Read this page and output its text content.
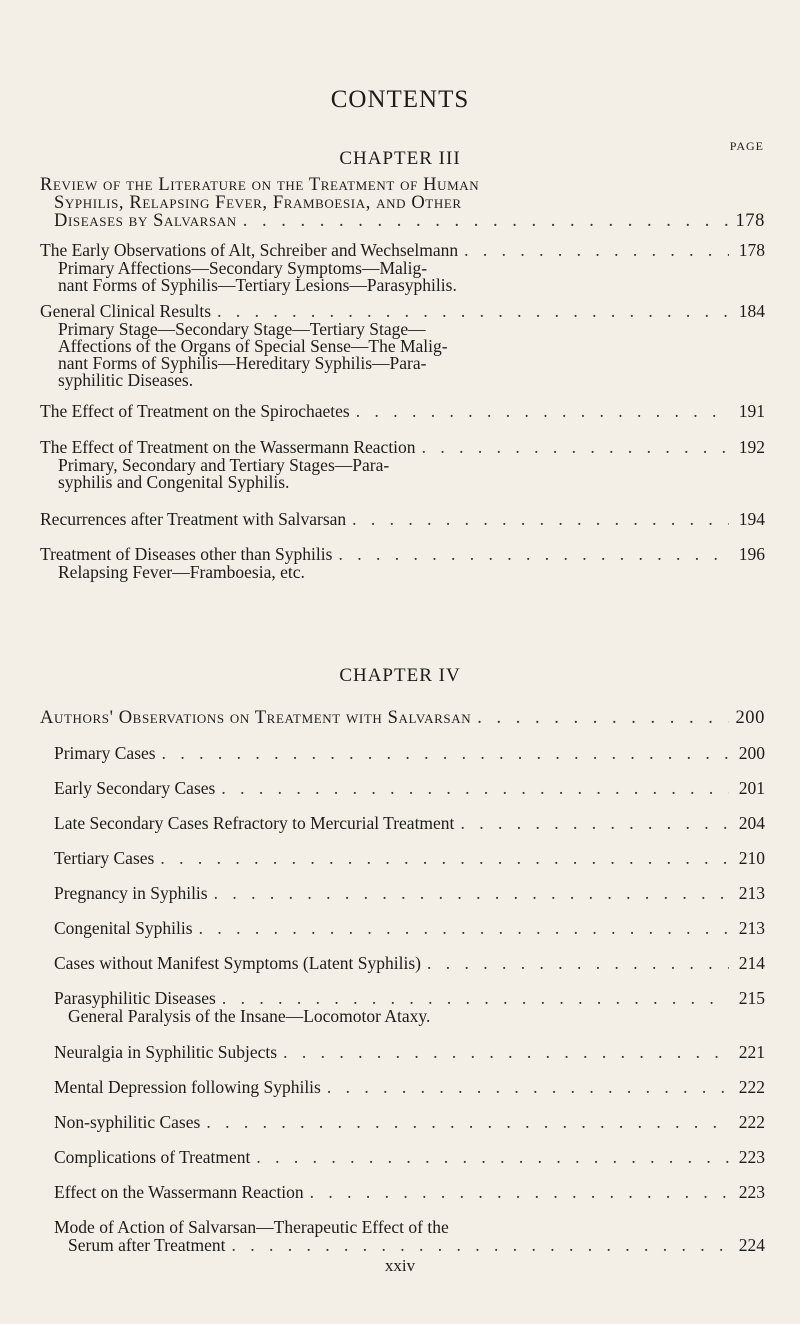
CONTENTS
PAGE
CHAPTER III
Review of the Literature on the Treatment of Human
Syphilis, Relapsing Fever, Framboesia, and Other
Diseases by Salvarsan . . .	178
The Early Observations of Alt, Schreiber and Wechselmann . . .	178
Primary Affections—Secondary Symptoms—Malig-
nant Forms of Syphilis—Tertiary Lesions—Parasyphilis.
General Clinical Results . . .	184
Primary Stage—Secondary Stage—Tertiary Stage—
Affections of the Organs of Special Sense—The Malig-
nant Forms of Syphilis—Hereditary Syphilis—Para-
syphilitic Diseases.
The Effect of Treatment on the Spirochaetes . . .	191
The Effect of Treatment on the Wassermann Reaction . . .	192
Primary, Secondary and Tertiary Stages—Para-
syphilis and Congenital Syphilis.
Recurrences after Treatment with Salvarsan . . .	194
Treatment of Diseases other than Syphilis . . .	196
Relapsing Fever—Framboesia, etc.
CHAPTER IV
Authors' Observations on Treatment with Salvarsan . . .	200
Primary Cases . . .	200
Early Secondary Cases . . .	201
Late Secondary Cases Refractory to Mercurial Treatment . . .	204
Tertiary Cases . . .	210
Pregnancy in Syphilis . . .	213
Congenital Syphilis . . .	213
Cases without Manifest Symptoms (Latent Syphilis) . . .	214
Parasyphilitic Diseases . . .	215
General Paralysis of the Insane—Locomotor Ataxy.
Neuralgia in Syphilitic Subjects . . .	221
Mental Depression following Syphilis . . .	222
Non-syphilitic Cases . . .	222
Complications of Treatment . . .	223
Effect on the Wassermann Reaction . . .	223
Mode of Action of Salvarsan—Therapeutic Effect of the
Serum after Treatment . . .	224
xxiv
